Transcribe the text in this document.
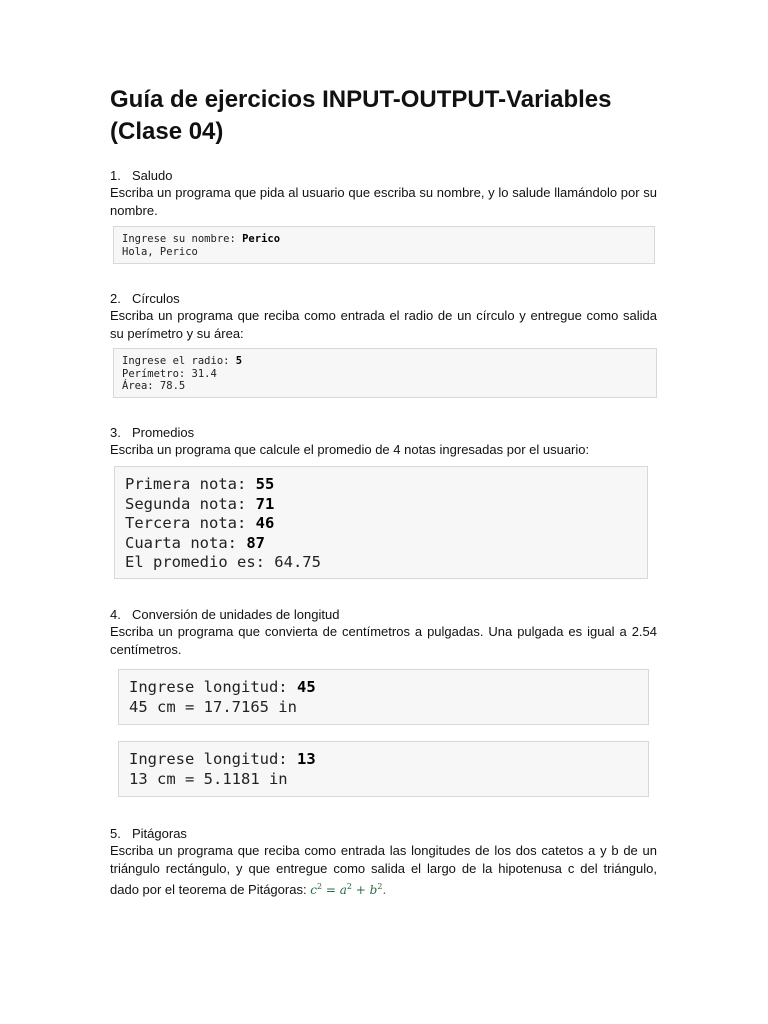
Guía de ejercicios INPUT-OUTPUT-Variables (Clase 04)

1. Saludo

Escriba un programa que pida al usuario que escriba su nombre, y lo salude llamándolo por su nombre.

Ingrese su nombre: Perico
Hola, Perico

2. Círculos

Escriba un programa que reciba como entrada el radio de un círculo y entregue como salida su perímetro y su área:

Ingrese el radio: 5
Perímetro: 31.4
Área: 78.5

3. Promedios

Escriba un programa que calcule el promedio de 4 notas ingresadas por el usuario:

Primera nota: 55
Segunda nota: 71
Tercera nota: 46
Cuarta nota: 87
El promedio es: 64.75

4. Conversión de unidades de longitud

Escriba un programa que convierta de centímetros a pulgadas. Una pulgada es igual a 2.54 centímetros.

Ingrese longitud: 45
45 cm = 17.7165 in
Ingrese longitud: 13
13 cm = 5.1181 in

5. Pitágoras

Escriba un programa que reciba como entrada las longitudes de los dos catetos a y b de un triángulo rectángulo, y que entregue como salida el largo de la hipotenusa c del triángulo, dado por el teorema de Pitágoras: $c^2 = a^2 + b^2$.
